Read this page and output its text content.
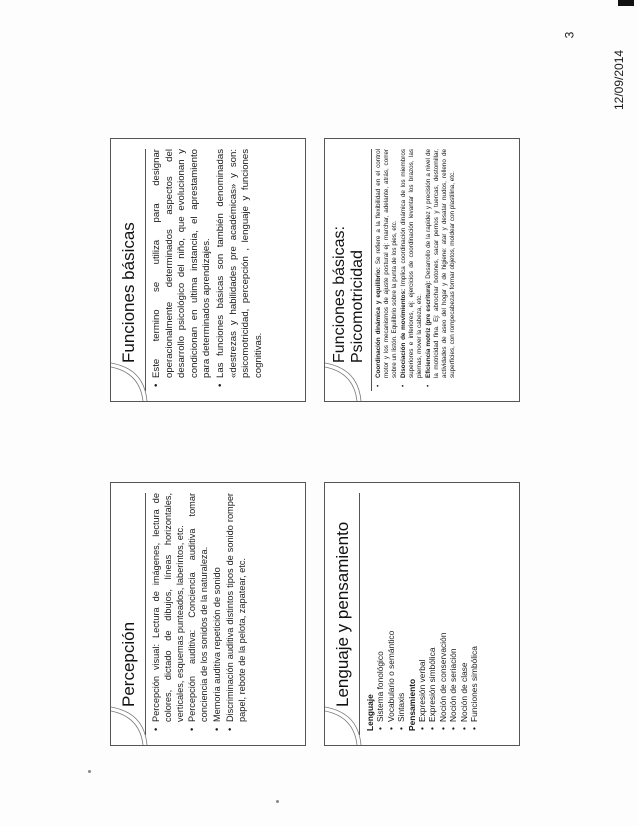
12/09/2014
3
Funciones básicas • Este termino se utiliza para designar operacionalmente determinados aspectos del desarrollo psicológico del niño, que evolucionan y condicionan en ultima instancia, el aprestamiento para determinados aprendizajes. • Las funciones básicas son también denominadas «destrezas y habilidades pre académicas» y son: psicomotricidad, percepción , lenguaje y funciones cognitivas.	Funciones básicas: Psicomotricidad • Coordinación dinámica y equilibrio: Se refiere a la flexibilidad en el control motor y los mecanismos de ajuste postural ej: marchar, adelante, atrás, correr sobre un listón. Equilibrio sobre la punta de los pies, etc. • Disociación de movimientos: Implica coordinación dinámica de los miembros superiores e inferiores, ej: ejercicios de coordinación levantar los brazos, las piernas, mover la cabeza, etc. • Eficiencia motriz (pre escritura): Desarrollo de la rapidez y precisión a nivel de la motricidad fina. Ej: abrochar botones, sacar pernos y tuercas, destornillar, actividades de aseo del hogar y de higiene: atar y desatar nudos, relleno de superficies, con rompecabezas formar objetos, moldear con plastilina, etc.

Percepción • Percepción visual: Lectura de imágenes, lectura de colores, dictado de dibujos, líneas horizontales, verticales, esquemas punteados, laberintos, etc. • Percepción auditiva: Conciencia auditiva tomar conciencia de los sonidos de la naturaleza. • Memoria auditiva repetición de sonido • Discriminación auditiva distintos tipos de sonido romper papel, rebote de la pelota, zapatear, etc.	Lenguaje y pensamiento

Lenguaje • Sistema fonológico • Vocabulario o semántico • Sintaxis Pensamiento • Expresión verbal • Expresión simbólica • Noción de conservación • Noción de seriación • Noción de clase • Funciones simbólica
